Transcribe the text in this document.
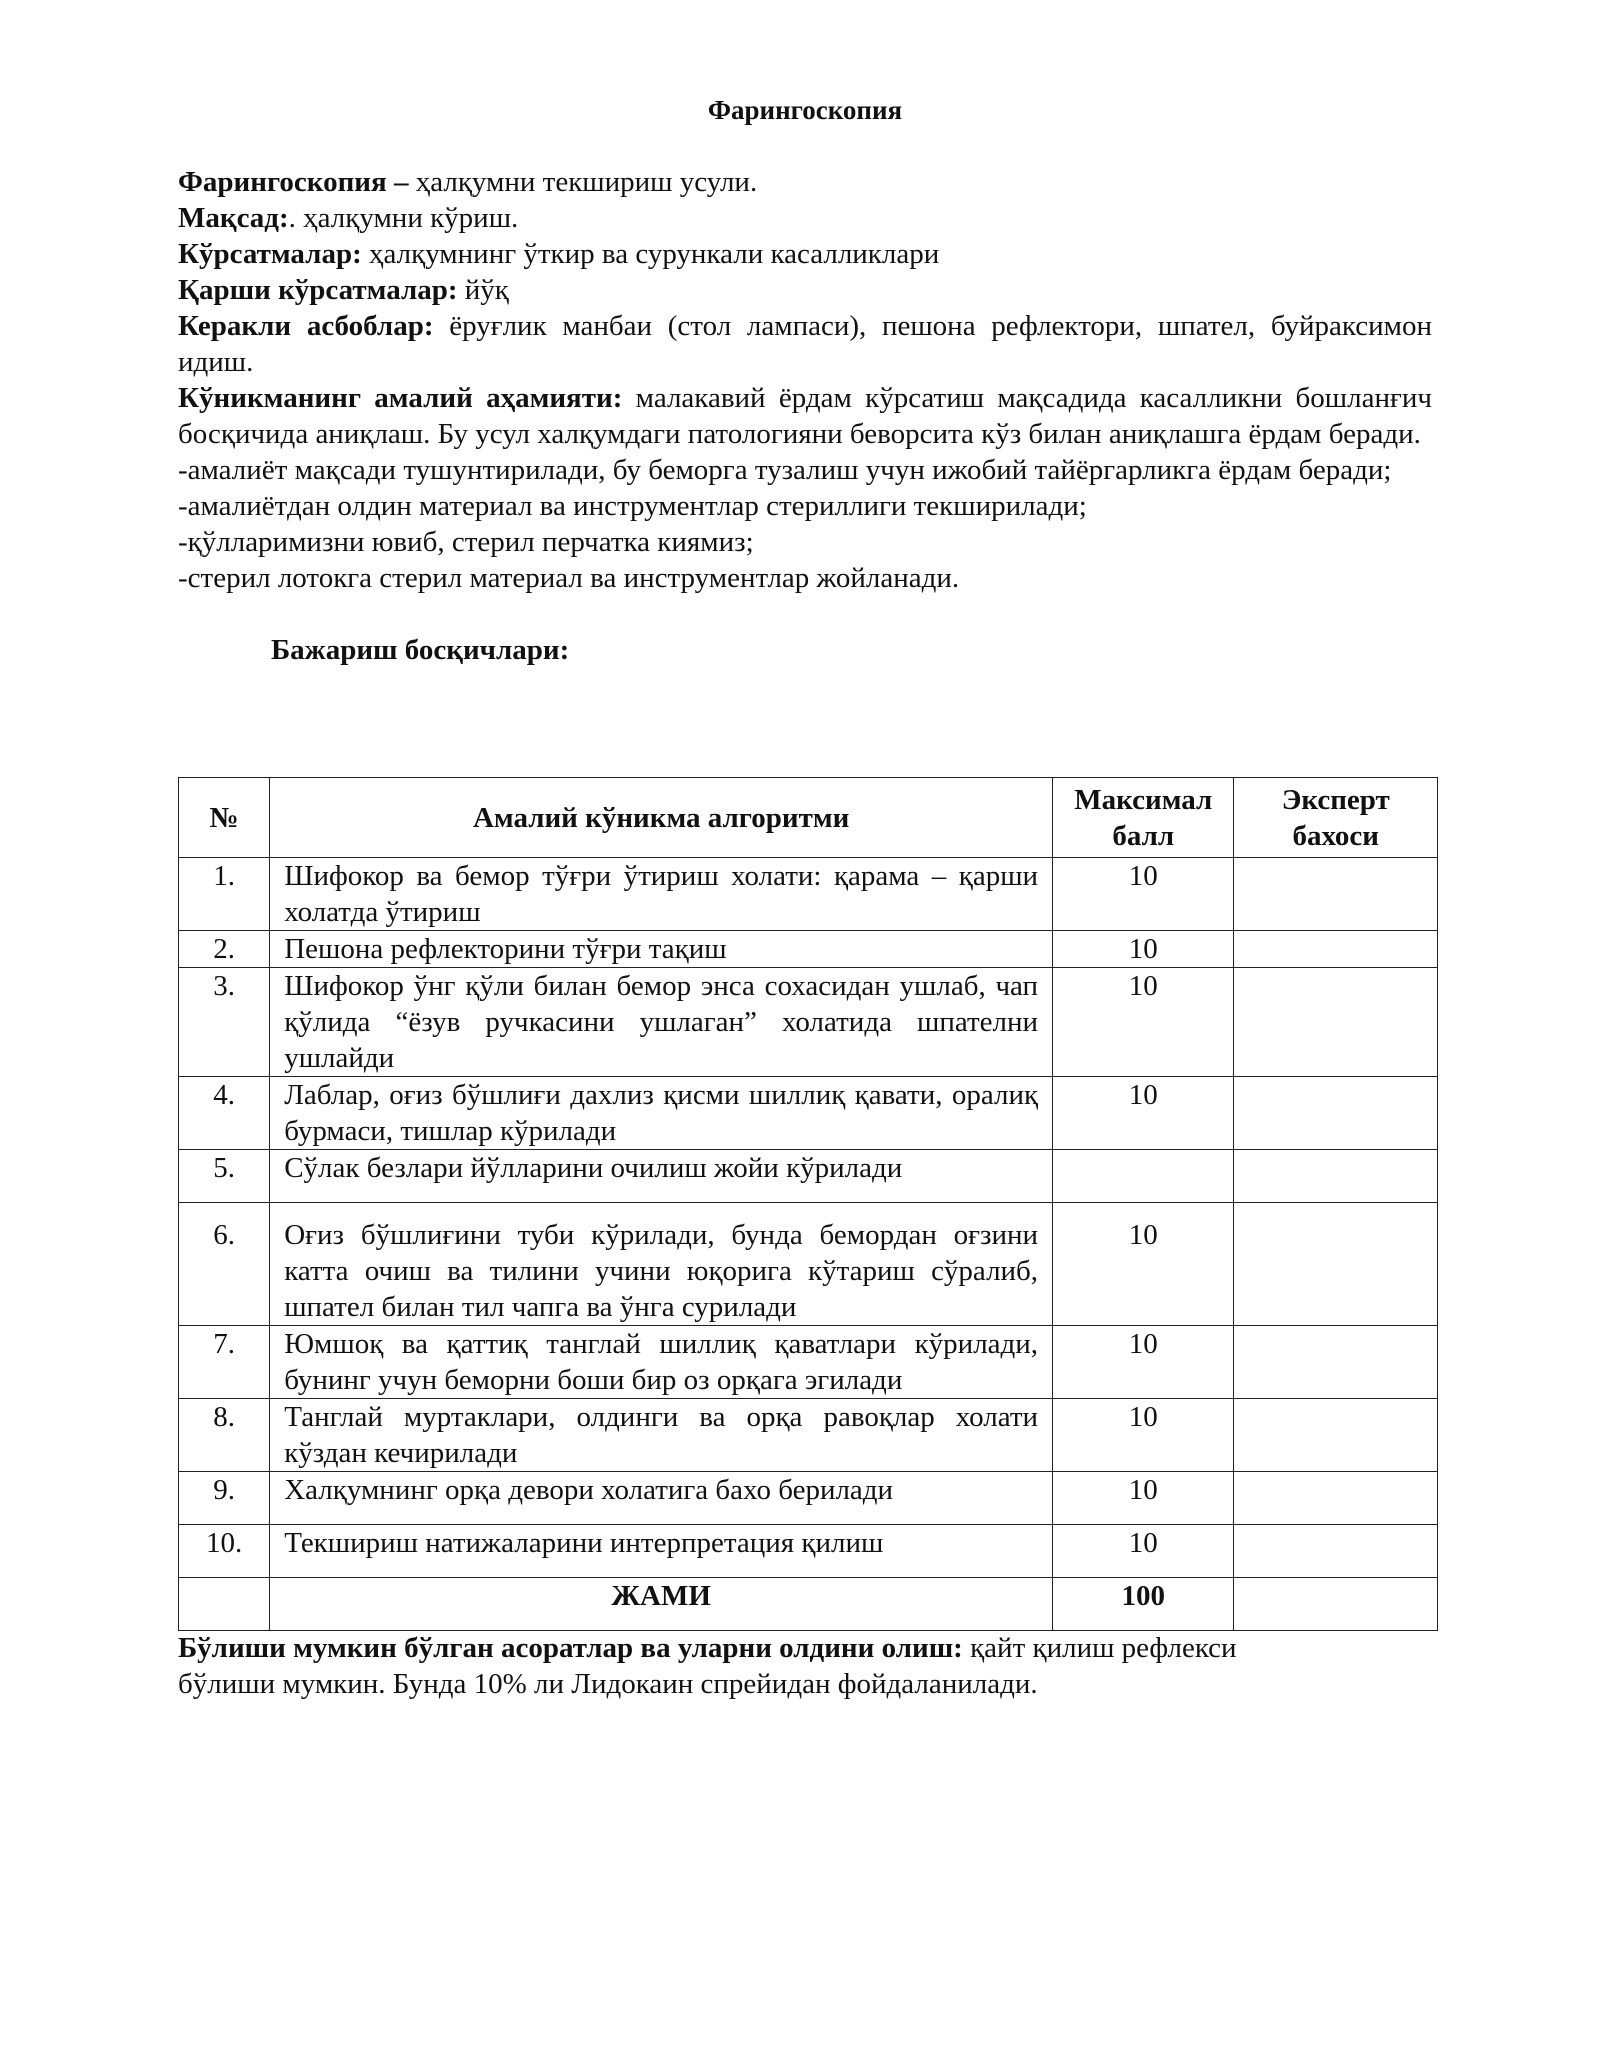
Фарингоскопия

Фарингоскопия – ҳалқумни текшириш усули.

Мақсад:. ҳалқумни кўриш.

Кўрсатмалар: ҳалқумнинг ўткир ва сурункали касалликлари

Қарши кўрсатмалар: йўқ

Керакли асбоблар: ёруғлик манбаи (стол лампаси), пешона рефлектори, шпател, буйраксимон идиш.

Кўникманинг амалий аҳамияти: малакавий ёрдам кўрсатиш мақсадида касалликни бошланғич босқичида аниқлаш. Бу усул халқумдаги патологияни беворсита кўз билан аниқлашга ёрдам беради.

-амалиёт мақсади тушунтирилади, бу беморга тузалиш учун ижобий тайёргарликга ёрдам беради;

-амалиётдан олдин материал ва инструментлар стериллиги текширилади;

-қўлларимизни ювиб, стерил перчатка киямиз;

-стерил лотокга стерил материал ва инструментлар жойланади.

Бажариш босқичлари:
№	Амалий кўникма алгоритми	Максимал балл	Эксперт бахоси
1.	Шифокор ва бемор тўғри ўтириш холати: қарама – қарши холатда ўтириш	10	
2.	Пешона рефлекторини тўғри тақиш	10	
3.	Шифокор ўнг қўли билан бемор энса сохасидан ушлаб, чап қўлида “ёзув ручкасини ушлаган” холатида шпателни ушлайди	10	
4.	Лаблар, оғиз бўшлиғи дахлиз қисми шиллиқ қавати, оралиқ бурмаси, тишлар кўрилади	10	
5.	Сўлак безлари йўлларини очилиш жойи кўрилади		
6.	Оғиз бўшлиғини туби кўрилади, бунда бемордан оғзини катта очиш ва тилини учини юқорига кўтариш сўралиб, шпател билан тил чапга ва ўнга сурилади	10	
7.	Юмшоқ ва қаттиқ танглай шиллиқ қаватлари кўрилади, бунинг учун беморни боши бир оз орқага эгилади	10	
8.	Танглай муртаклари, олдинги ва орқа равоқлар холати кўздан кечирилади	10	
9.	Халқумнинг орқа девори холатига бахо берилади	10	
10.	Текшириш натижаларини интерпретация қилиш	10	
	ЖАМИ	100	
Бўлиши мумкин бўлган асоратлар ва уларни олдини олиш: қайт қилиш рефлекси бўлиши мумкин. Бунда 10% ли Лидокаин спрейидан фойдаланилади.
